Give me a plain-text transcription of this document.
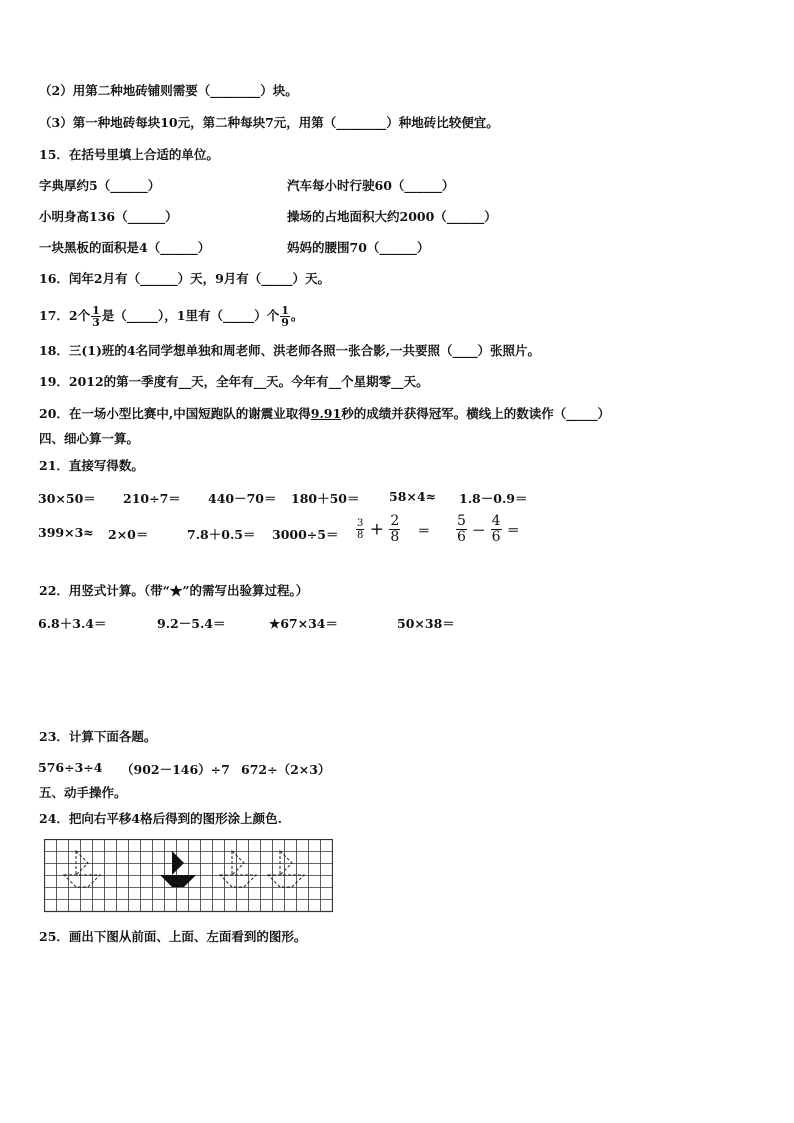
（2）用第二种地砖铺则需要（________）块。
（3）第一种地砖每块10元，第二种每块7元，用第（________）种地砖比较便宜。
15．在括号里填上合适的单位。
字典厚约5（______）	汽车每小时行驶60（______）
小明身高136（______）	操场的占地面积大约2000（______）
一块黑板的面积是4（______）	妈妈的腰围70（______）
16．闰年2月有（______）天，9月有（_____）天。
17．2个 $\frac{1}{3}$ 是（_____），1里有（_____）个 $\frac{1}{9}$ 。
18．三(1)班的4名同学想单独和周老师、洪老师各照一张合影,一共要照（____）张照片。
19．2012的第一季度有__天，全年有__天。今年有__个星期零__天。
20．在一场小型比赛中,中国短跑队的谢震业取得9.91秒的成绩并获得冠军。横线上的数读作（_____）
四、细心算一算。
21．直接写得数。
30×50＝ 210÷7＝ 440－70＝ 180＋50＝ 58×4≈ 1.8－0.9＝
399×3≈ 2×0＝	$7.8+0.5= 3000\div 5= \frac{3}{8} + \frac{2}{8} = \frac{5}{6} - \frac{4}{6}$ ＝
22．用竖式计算。（带“★”的需写出验算过程。）
6.8＋3.4＝	9.2－5.4＝	★67×34＝	50×38＝
23．计算下面各题。
576÷3÷4 （902－146）÷7 672÷（2×3）
五、动手操作。
24．把向右平移4格后得到的图形涂上颜色.
25．画出下图从前面、上面、左面看到的图形。
